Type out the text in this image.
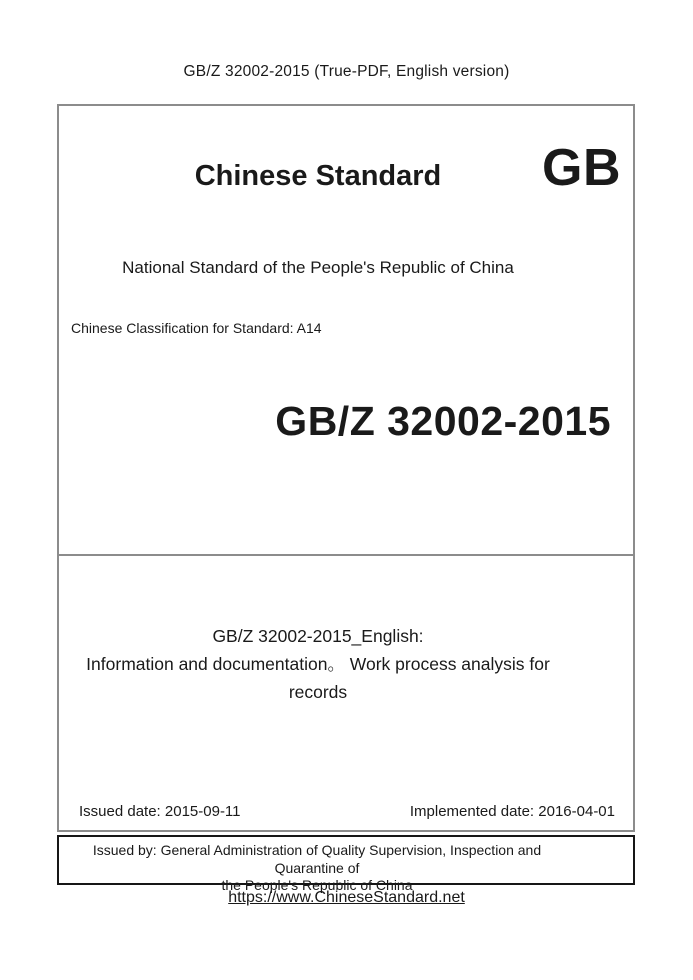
GB/Z 32002-2015 (True-PDF, English version)
Chinese Standard	GB
National Standard of the People's Republic of China
Chinese Classification for Standard: A14
GB/Z 32002-2015
GB/Z 32002-2015_English:
Information and documentation。 Work process analysis for
records
Issued date: 2015-09-11	Implemented date: 2016-04-01
Issued by: General Administration of Quality Supervision, Inspection and Quarantine of
the People's Republic of China
https://www.ChineseStandard.net
